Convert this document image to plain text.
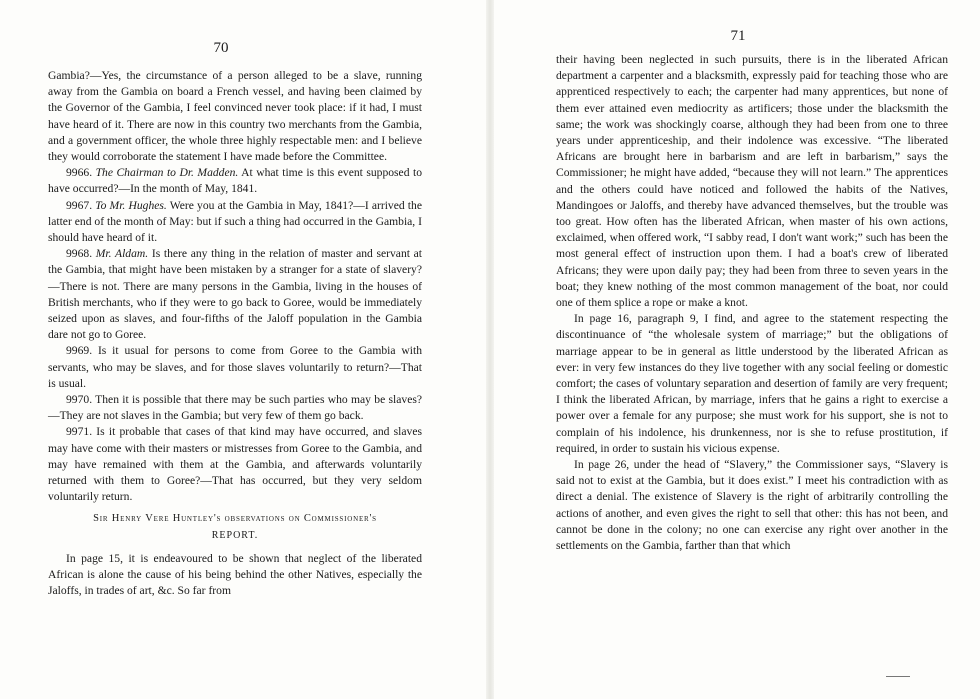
70

Gambia?—Yes, the circumstance of a person alleged to be a slave, running away from the Gambia on board a French vessel, and having been claimed by the Governor of the Gambia, I feel convinced never took place: if it had, I must have heard of it. There are now in this country two merchants from the Gambia, and a government officer, the whole three highly respectable men: and I believe they would corroborate the statement I have made before the Committee.

9966. The Chairman to Dr. Madden. At what time is this event supposed to have occurred?—In the month of May, 1841.

9967. To Mr. Hughes. Were you at the Gambia in May, 1841?—I arrived the latter end of the month of May: but if such a thing had occurred in the Gambia, I should have heard of it.

9968. Mr. Aldam. Is there any thing in the relation of master and servant at the Gambia, that might have been mistaken by a stranger for a state of slavery?—There is not. There are many persons in the Gambia, living in the houses of British merchants, who if they were to go back to Goree, would be immediately seized upon as slaves, and four-fifths of the Jaloff population in the Gambia dare not go to Goree.

9969. Is it usual for persons to come from Goree to the Gambia with servants, who may be slaves, and for those slaves voluntarily to return?—That is usual.

9970. Then it is possible that there may be such parties who may be slaves?—They are not slaves in the Gambia; but very few of them go back.

9971. Is it probable that cases of that kind may have occurred, and slaves may have come with their masters or mistresses from Goree to the Gambia, and may have remained with them at the Gambia, and afterwards voluntarily returned with them to Goree?—That has occurred, but they very seldom voluntarily return.

Sir Henry Vere Huntley's observations on Commissioner's

REPORT.

In page 15, it is endeavoured to be shown that neglect of the liberated African is alone the cause of his being behind the other Natives, especially the Jaloffs, in trades of art, &c. So far from

71

their having been neglected in such pursuits, there is in the liberated African department a carpenter and a blacksmith, expressly paid for teaching those who are apprenticed respectively to each; the carpenter had many apprentices, but none of them ever attained even mediocrity as artificers; those under the blacksmith the same; the work was shockingly coarse, although they had been from one to three years under apprenticeship, and their indolence was excessive. “The liberated Africans are brought here in barbarism and are left in barbarism,” says the Commissioner; he might have added, “because they will not learn.” The apprentices and the others could have noticed and followed the habits of the Natives, Mandingoes or Jaloffs, and thereby have advanced themselves, but the trouble was too great. How often has the liberated African, when master of his own actions, exclaimed, when offered work, “I sabby read, I don't want work;” such has been the most general effect of instruction upon them. I had a boat's crew of liberated Africans; they were upon daily pay; they had been from three to seven years in the boat; they knew nothing of the most common management of the boat, nor could one of them splice a rope or make a knot.

In page 16, paragraph 9, I find, and agree to the statement respecting the discontinuance of “the wholesale system of marriage;” but the obligations of marriage appear to be in general as little understood by the liberated African as ever: in very few instances do they live together with any social feeling or domestic comfort; the cases of voluntary separation and desertion of family are very frequent; I think the liberated African, by marriage, infers that he gains a right to exercise a power over a female for any purpose; she must work for his support, she is not to complain of his indolence, his drunkenness, nor is she to refuse prostitution, if required, in order to sustain his vicious expense.

In page 26, under the head of “Slavery,” the Commissioner says, “Slavery is said not to exist at the Gambia, but it does exist.” I meet his contradiction with as direct a denial. The existence of Slavery is the right of arbitrarily controlling the actions of another, and even gives the right to sell that other: this has not been, and cannot be done in the colony; no one can exercise any right over another in the settlements on the Gambia, farther than that which
